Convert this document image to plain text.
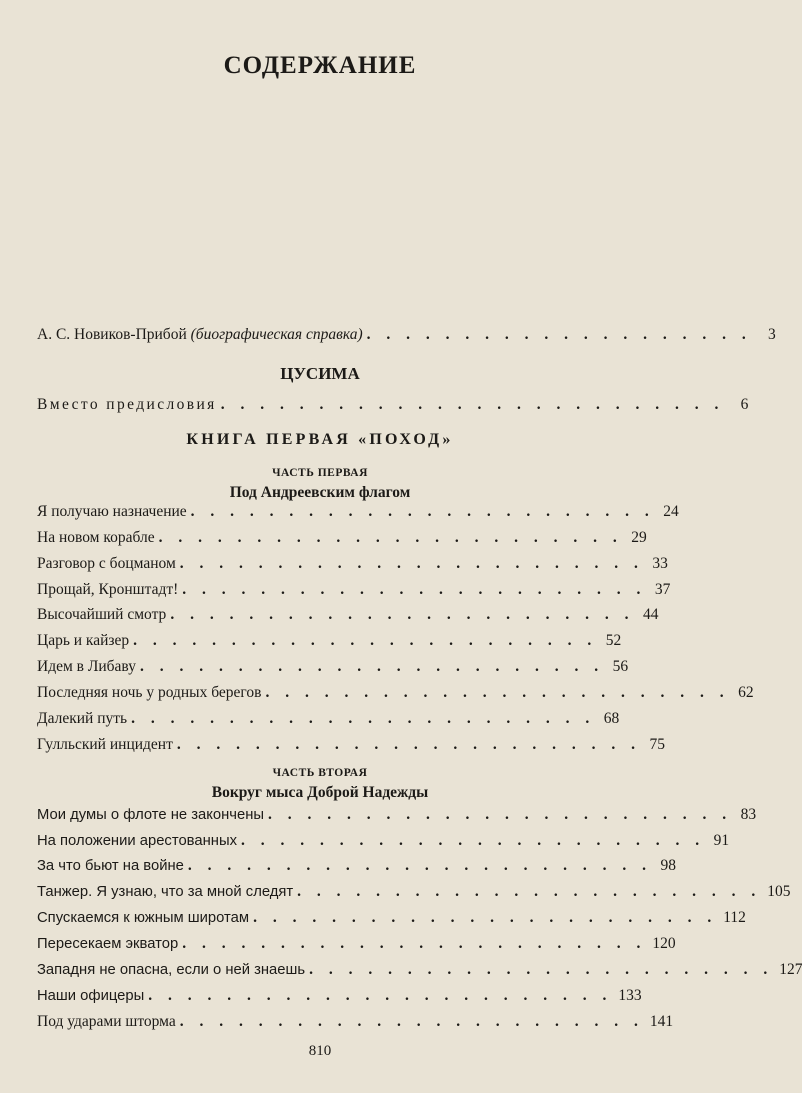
СОДЕРЖАНИЕ
А. С. Новиков-Прибой (биографическая справка) . . . . . . . . . . . . . . . . . . . .	3
ЦУСИМА
Вместо предисловия . . . . . . . . . . . . . . . . . . . . . . . . . .	6
КНИГА ПЕРВАЯ «ПОХОД»
ЧАСТЬ ПЕРВАЯ
Под Андреевским флагом
Я получаю назначение . . . . . . . . . . . . . . . . . . . . . . . . 24
На новом корабле . . . . . . . . . . . . . . . . . . . . . . . . 29
Разговор с боцманом . . . . . . . . . . . . . . . . . . . . . . . . 33
Прощай, Кронштадт! . . . . . . . . . . . . . . . . . . . . . . . . 37
Высочайший смотр . . . . . . . . . . . . . . . . . . . . . . . . 44
Царь и кайзер . . . . . . . . . . . . . . . . . . . . . . . . 52
Идем в Либаву . . . . . . . . . . . . . . . . . . . . . . . . 56
Последняя ночь у родных берегов . . . . . . . . . . . . . . . . . . . . . . . . 62
Далекий путь . . . . . . . . . . . . . . . . . . . . . . . . 68
Гулльский инцидент . . . . . . . . . . . . . . . . . . . . . . . . 75
ЧАСТЬ ВТОРАЯ
Вокруг мыса Доброй Надежды
Мои думы о флоте не закончены . . . . . . . . . . . . . . . . . . . . . . . . 83
На положении арестованных . . . . . . . . . . . . . . . . . . . . . . . . 91
За что бьют на войне . . . . . . . . . . . . . . . . . . . . . . . . 98
Танжер. Я узнаю, что за мной следят . . . . . . . . . . . . . . . . . . . . . . . . 105
Спускаемся к южным широтам . . . . . . . . . . . . . . . . . . . . . . . . 112
Пересекаем экватор . . . . . . . . . . . . . . . . . . . . . . . . 120
Западня не опасна, если о ней знаешь . . . . . . . . . . . . . . . . . . . . . . . . 127
Наши офицеры . . . . . . . . . . . . . . . . . . . . . . . . 133
Под ударами шторма . . . . . . . . . . . . . . . . . . . . . . . . 141
810
